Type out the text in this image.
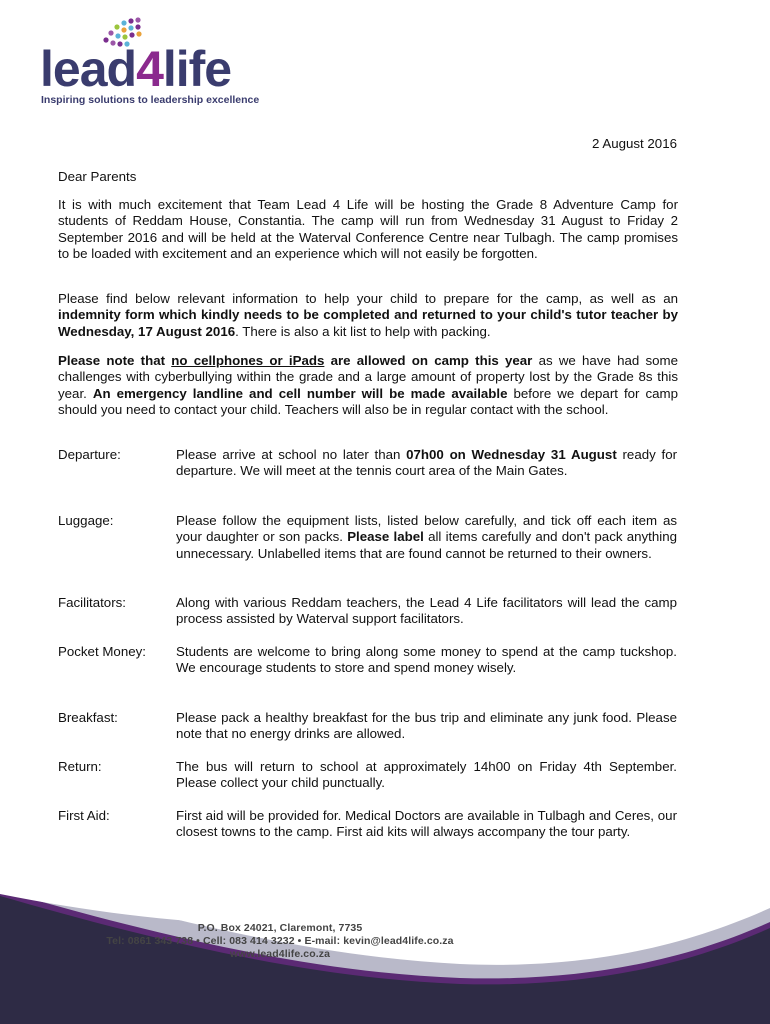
lead4life
Inspiring solutions to leadership excellence
2 August 2016
Dear Parents
It is with much excitement that Team Lead 4 Life will be hosting the Grade 8 Adventure Camp for students of Reddam House, Constantia. The camp will run from Wednesday 31 August to Friday 2 September 2016 and will be held at the Waterval Conference Centre near Tulbagh. The camp promises to be loaded with excitement and an experience which will not easily be forgotten.
Please find below relevant information to help your child to prepare for the camp, as well as an indemnity form which kindly needs to be completed and returned to your child's tutor teacher by Wednesday, 17 August 2016. There is also a kit list to help with packing.
Please note that no cellphones or iPads are allowed on camp this year as we have had some challenges with cyberbullying within the grade and a large amount of property lost by the Grade 8s this year. An emergency landline and cell number will be made available before we depart for camp should you need to contact your child. Teachers will also be in regular contact with the school.
Departure:	Please arrive at school no later than 07h00 on Wednesday 31 August ready for departure. We will meet at the tennis court area of the Main Gates.
Luggage:	Please follow the equipment lists, listed below carefully, and tick off each item as your daughter or son packs. Please label all items carefully and don't pack anything unnecessary. Unlabelled items that are found cannot be returned to their owners.
Facilitators:	Along with various Reddam teachers, the Lead 4 Life facilitators will lead the camp process assisted by Waterval support facilitators.
Pocket Money:	Students are welcome to bring along some money to spend at the camp tuckshop. We encourage students to store and spend money wisely.
Breakfast:	Please pack a healthy breakfast for the bus trip and eliminate any junk food. Please note that no energy drinks are allowed.
Return:	The bus will return to school at approximately 14h00 on Friday 4th September. Please collect your child punctually.
First Aid:	First aid will be provided for. Medical Doctors are available in Tulbagh and Ceres, our closest towns to the camp. First aid kits will always accompany the tour party.
P.O. Box 24021, Claremont, 7735
Tel: 0861 343 738 • Cell: 083 414 3232 • E-mail: kevin@lead4life.co.za
www.lead4life.co.za
